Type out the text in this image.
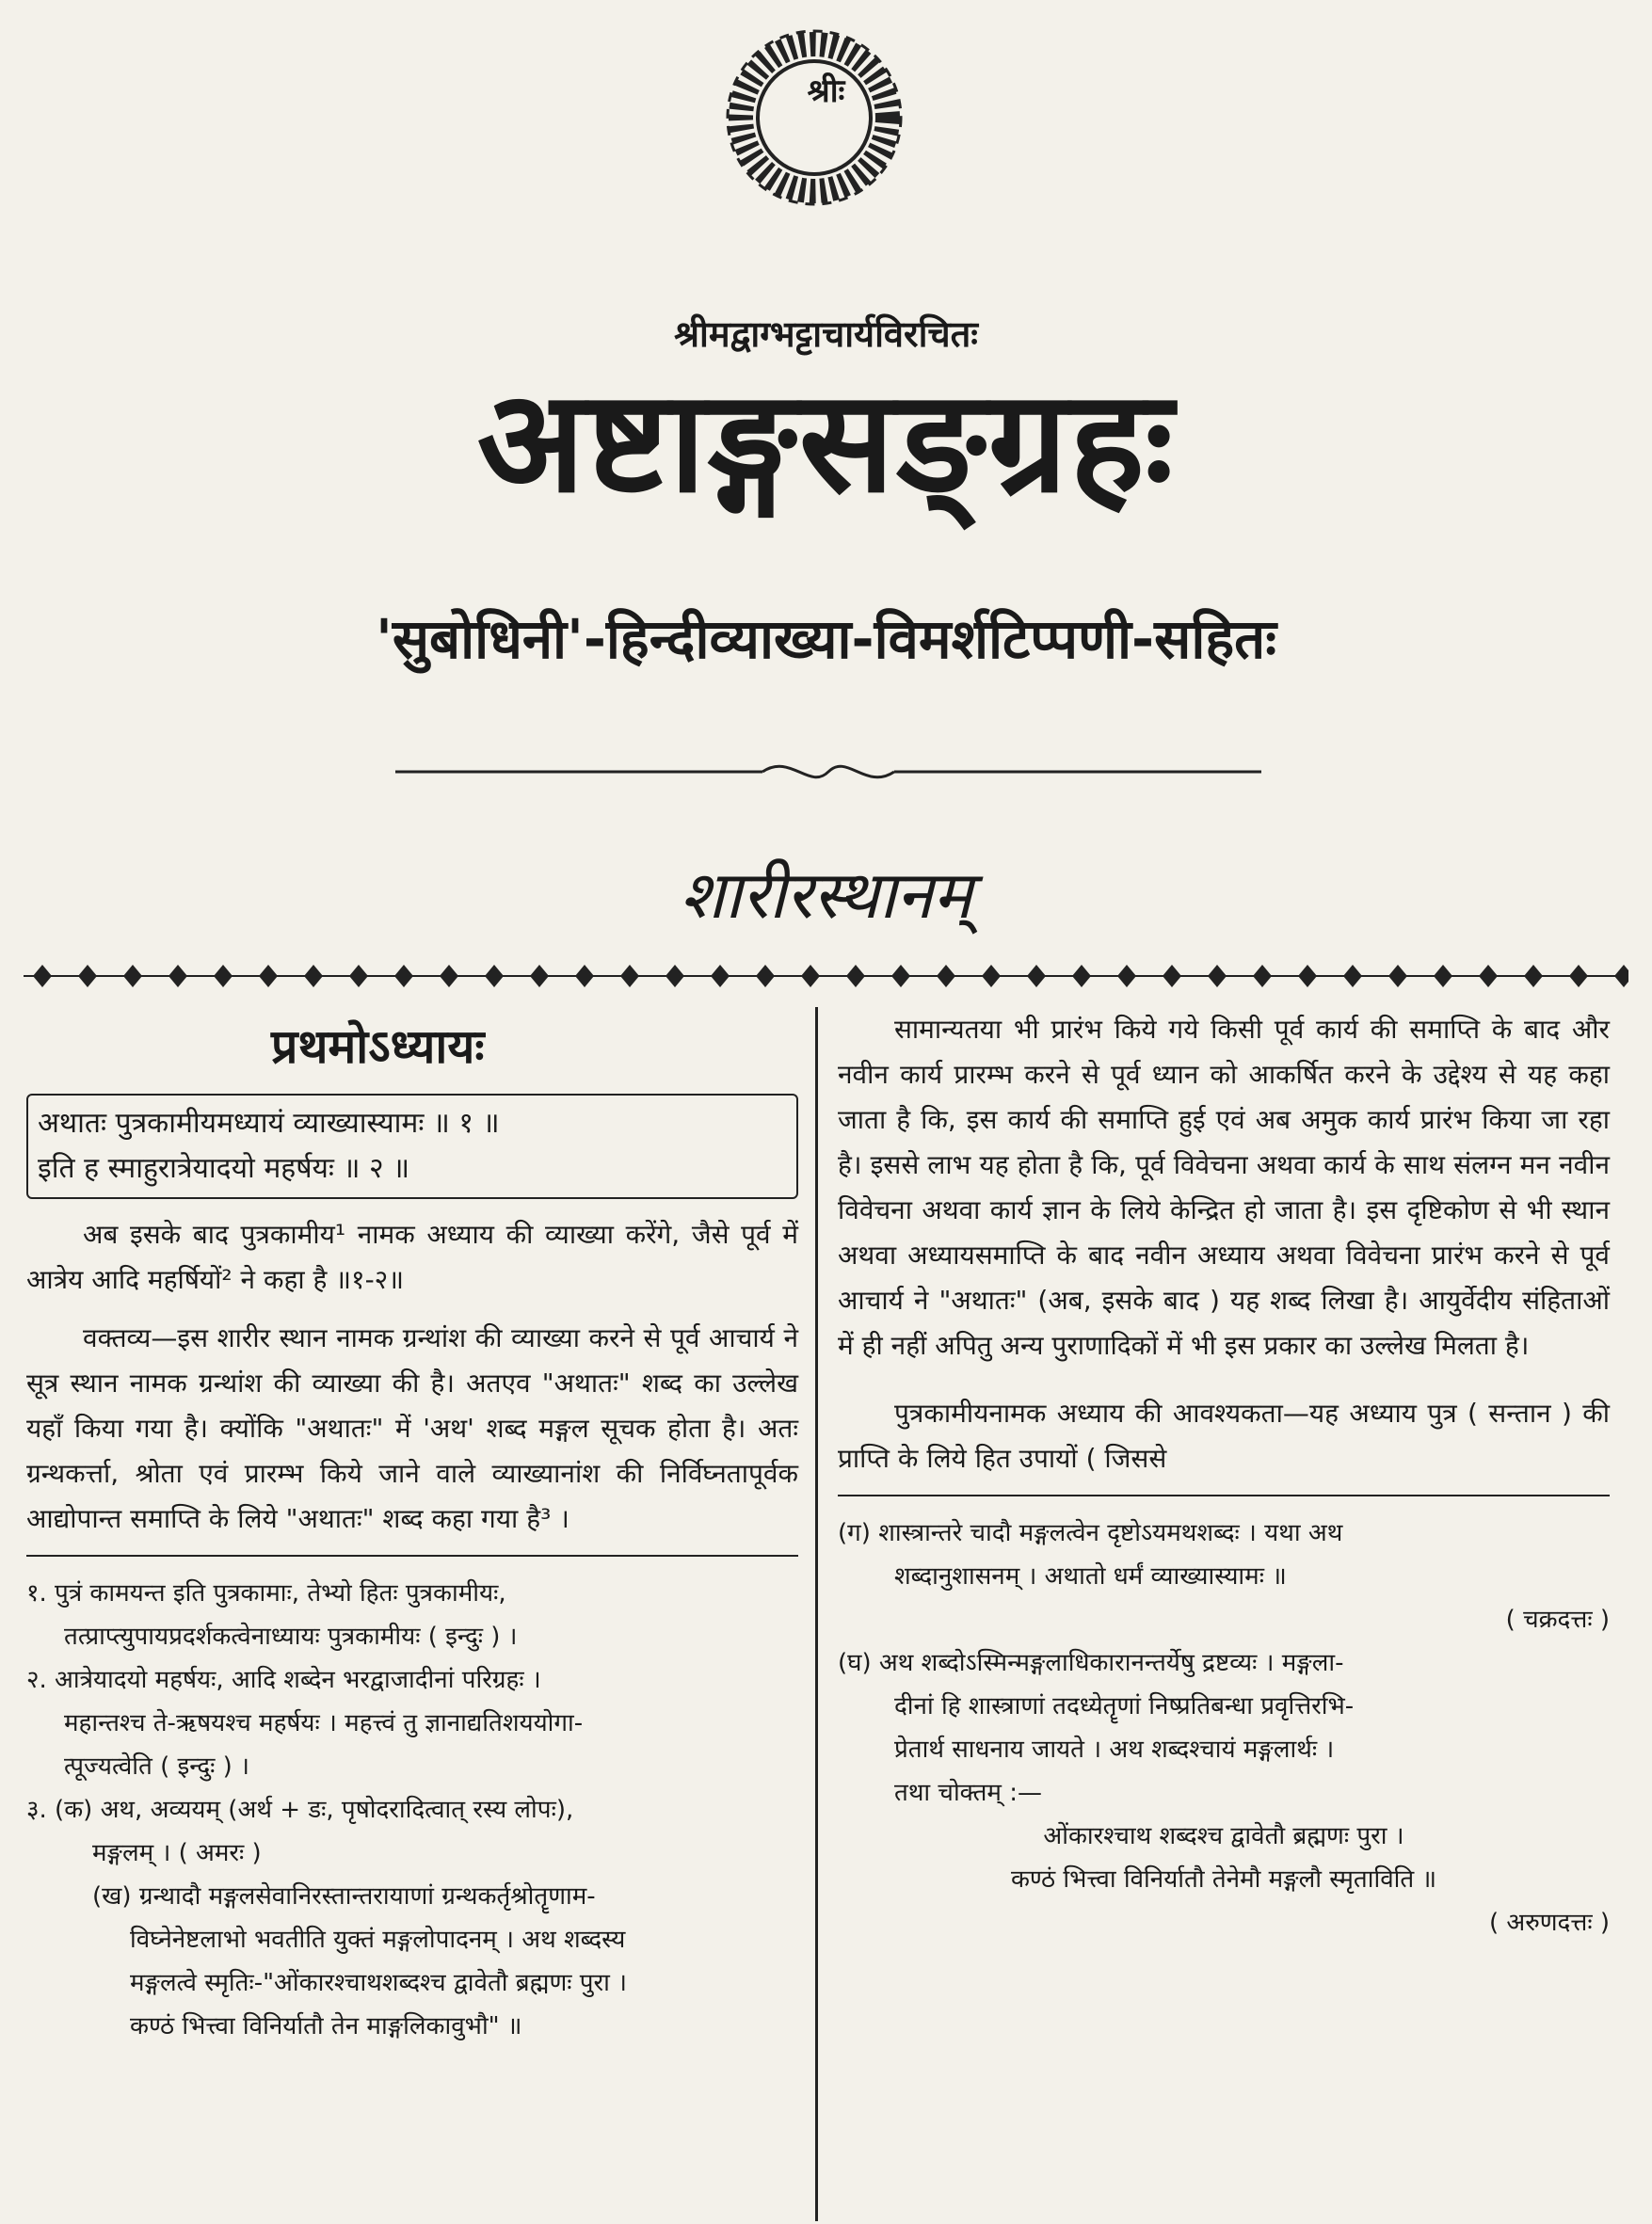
श्रीः
श्रीमद्वाग्भट्टाचार्यविरचितः
अष्टाङ्गसङ्ग्रहः
'सुबोधिनी'-हिन्दीव्याख्या-विमर्शटिप्पणी-सहितः
शारीरस्थानम्
प्रथमोऽध्यायः
अथातः पुत्रकामीयमध्यायं व्याख्यास्यामः ॥ १ ॥
इति ह स्माहुरात्रेयादयो महर्षयः ॥ २ ॥

अब इसके बाद पुत्रकामीय¹ नामक अध्याय की व्याख्या करेंगे, जैसे पूर्व में आत्रेय आदि महर्षियों² ने कहा है ॥१-२॥

वक्तव्य—इस शारीर स्थान नामक ग्रन्थांश की व्याख्या करने से पूर्व आचार्य ने सूत्र स्थान नामक ग्रन्थांश की व्याख्या की है। अतएव "अथातः" शब्द का उल्लेख यहाँ किया गया है। क्योंकि "अथातः" में 'अथ' शब्द मङ्गल सूचक होता है। अतः ग्रन्थकर्त्ता, श्रोता एवं प्रारम्भ किये जाने वाले व्याख्यानांश की निर्विघ्नतापूर्वक आद्योपान्त समाप्ति के लिये "अथातः" शब्द कहा गया है³ ।

१. पुत्रं कामयन्त इति पुत्रकामाः, तेभ्यो हितः पुत्रकामीयः,

तत्प्राप्त्युपायप्रदर्शकत्वेनाध्यायः पुत्रकामीयः ( इन्दुः ) ।

२. आत्रेयादयो महर्षयः, आदि शब्देन भरद्वाजादीनां परिग्रहः ।

महान्तश्च ते-ऋषयश्च महर्षयः । महत्त्वं तु ज्ञानाद्यतिशययोगा-

त्पूज्यत्वेति ( इन्दुः ) ।

३. (क) अथ, अव्ययम् (अर्थ + डः, पृषोदरादित्वात् रस्य लोपः),

मङ्गलम् । ( अमरः )

(ख) ग्रन्थादौ मङ्गलसेवानिरस्तान्तरायाणां ग्रन्थकर्तृश्रोतॄणाम-

विघ्नेनेष्टलाभो भवतीति युक्तं मङ्गलोपादनम् । अथ शब्दस्य

मङ्गलत्वे स्मृतिः-"ओंकारश्चाथशब्दश्च द्वावेतौ ब्रह्मणः पुरा ।

कण्ठं भित्त्वा विनिर्यातौ तेन माङ्गलिकावुभौ" ॥

सामान्यतया भी प्रारंभ किये गये किसी पूर्व कार्य की समाप्ति के बाद और नवीन कार्य प्रारम्भ करने से पूर्व ध्यान को आकर्षित करने के उद्देश्य से यह कहा जाता है कि, इस कार्य की समाप्ति हुई एवं अब अमुक कार्य प्रारंभ किया जा रहा है। इससे लाभ यह होता है कि, पूर्व विवेचना अथवा कार्य के साथ संलग्न मन नवीन विवेचना अथवा कार्य ज्ञान के लिये केन्द्रित हो जाता है। इस दृष्टिकोण से भी स्थान अथवा अध्यायसमाप्ति के बाद नवीन अध्याय अथवा विवेचना प्रारंभ करने से पूर्व आचार्य ने "अथातः" (अब, इसके बाद ) यह शब्द लिखा है। आयुर्वेदीय संहिताओं में ही नहीं अपितु अन्य पुराणादिकों में भी इस प्रकार का उल्लेख मिलता है।

पुत्रकामीयनामक अध्याय की आवश्यकता—यह अध्याय पुत्र ( सन्तान ) की प्राप्ति के लिये हित उपायों ( जिससे

(ग) शास्त्रान्तरे चादौ मङ्गलत्वेन दृष्टोऽयमथशब्दः । यथा अथ

शब्दानुशासनम् । अथातो धर्मं व्याख्यास्यामः ॥

( चक्रदत्तः )

(घ) अथ शब्दोऽस्मिन्मङ्गलाधिकारानन्तर्येषु द्रष्टव्यः । मङ्गला-

दीनां हि शास्त्राणां तदध्येतॄणां निष्प्रतिबन्धा प्रवृत्तिरभि-

प्रेतार्थ साधनाय जायते । अथ शब्दश्चायं मङ्गलार्थः ।

तथा चोक्तम् :—

ओंकारश्चाथ शब्दश्च द्वावेतौ ब्रह्मणः पुरा ।

कण्ठं भित्त्वा विनिर्यातौ तेनेमौ मङ्गलौ स्मृताविति ॥

( अरुणदत्तः )
